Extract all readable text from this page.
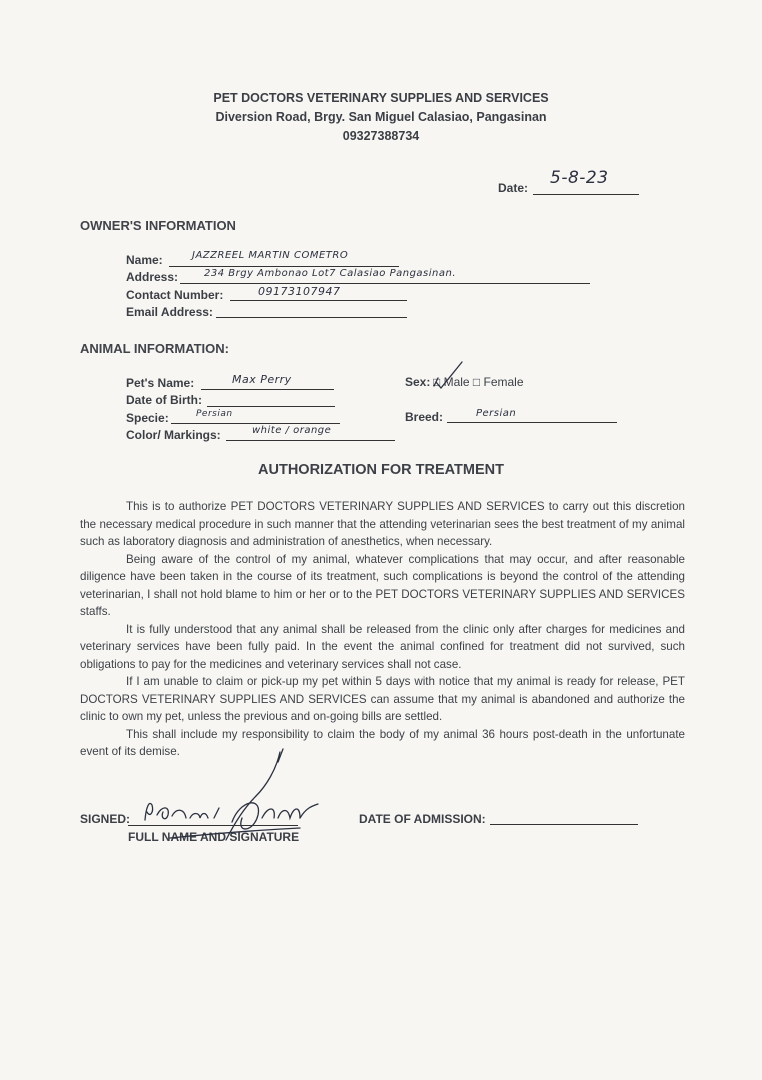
PET DOCTORS VETERINARY SUPPLIES AND SERVICES
Diversion Road, Brgy. San Miguel Calasiao, Pangasinan
09327388734
Date: 5-8-23
OWNER'S INFORMATION
Name:	JAZZREEL MARTIN COMETRO
Address:	234 Brgy Ambonao Lot7 Calasiao Pangasinan.
Contact Number:	09173107947
Email Address:
ANIMAL INFORMATION:
Pet's Name:	Max Perry
Date of Birth:
Specie:	Persian
Color/ Markings:	white / orange
Sex: □ Male □ Female
Breed:	Persian
AUTHORIZATION FOR TREATMENT

This is to authorize PET DOCTORS VETERINARY SUPPLIES AND SERVICES to carry out this discretion the necessary medical procedure in such manner that the attending veterinarian sees the best treatment of my animal such as laboratory diagnosis and administration of anesthetics, when necessary.

Being aware of the control of my animal, whatever complications that may occur, and after reasonable diligence have been taken in the course of its treatment, such complications is beyond the control of the attending veterinarian, I shall not hold blame to him or her or to the PET DOCTORS VETERINARY SUPPLIES AND SERVICES staffs.

It is fully understood that any animal shall be released from the clinic only after charges for medicines and veterinary services have been fully paid. In the event the animal confined for treatment did not survived, such obligations to pay for the medicines and veterinary services shall not case.

If I am unable to claim or pick-up my pet within 5 days with notice that my animal is ready for release, PET DOCTORS VETERINARY SUPPLIES AND SERVICES can assume that my animal is abandoned and authorize the clinic to own my pet, unless the previous and on-going bills are settled.

This shall include my responsibility to claim the body of my animal 36 hours post-death in the unfortunate event of its demise.

SIGNED:
FULL NAME AND SIGNATURE
DATE OF ADMISSION:
